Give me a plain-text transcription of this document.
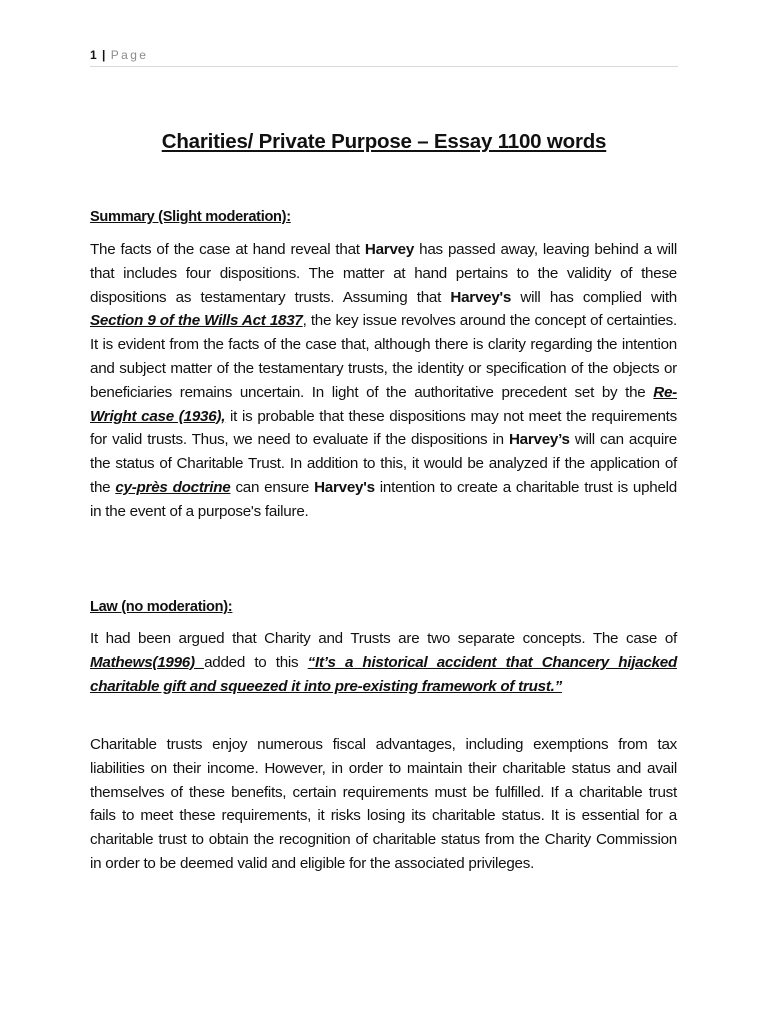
1 | Page
Charities/ Private Purpose – Essay 1100 words
Summary (Slight moderation):

The facts of the case at hand reveal that Harvey has passed away, leaving behind a will that includes four dispositions. The matter at hand pertains to the validity of these dispositions as testamentary trusts. Assuming that Harvey's will has complied with Section 9 of the Wills Act 1837, the key issue revolves around the concept of certainties. It is evident from the facts of the case that, although there is clarity regarding the intention and subject matter of the testamentary trusts, the identity or specification of the objects or beneficiaries remains uncertain. In light of the authoritative precedent set by the Re-Wright case (1936), it is probable that these dispositions may not meet the requirements for valid trusts. Thus, we need to evaluate if the dispositions in Harvey’s will can acquire the status of Charitable Trust. In addition to this, it would be analyzed if the application of the cy-près doctrine can ensure Harvey's intention to create a charitable trust is upheld in the event of a purpose's failure.

Law (no moderation):

It had been argued that Charity and Trusts are two separate concepts. The case of Mathews(1996) added to this “It’s a historical accident that Chancery hijacked charitable gift and squeezed it into pre-existing framework of trust.”

Charitable trusts enjoy numerous fiscal advantages, including exemptions from tax liabilities on their income. However, in order to maintain their charitable status and avail themselves of these benefits, certain requirements must be fulfilled. If a charitable trust fails to meet these requirements, it risks losing its charitable status. It is essential for a charitable trust to obtain the recognition of charitable status from the Charity Commission in order to be deemed valid and eligible for the associated privileges.
